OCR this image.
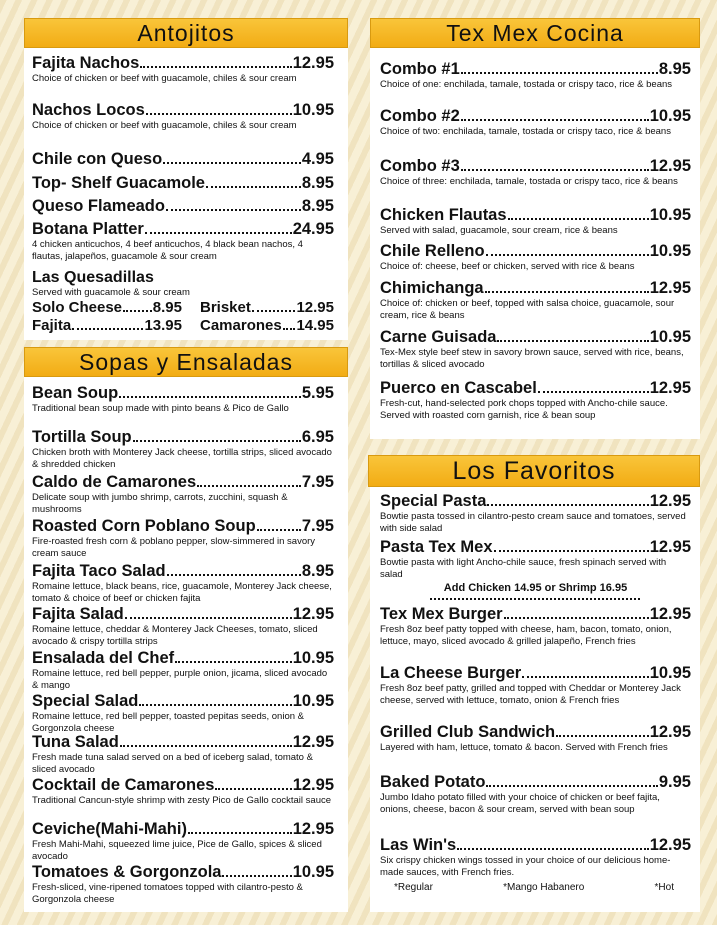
Antojitos
Fajita Nachos	12.95
Choice of chicken or beef with guacamole, chiles & sour cream
Nachos Locos	10.95
Choice of chicken or beef with guacamole, chiles & sour cream
Chile con Queso	4.95
Top- Shelf Guacamole	8.95
Queso Flameado	8.95
Botana Platter	24.95
4 chicken anticuchos, 4 beef anticuchos, 4 black bean nachos, 4 flautas, jalapeños, guacamole & sour cream
Las Quesadillas
Served with guacamole & sour cream
Solo Cheese 8.95 Brisket	12.95
Fajita	13.95 Camarones 14.95
Sopas y Ensaladas
Bean Soup	5.95
Traditional bean soup made with pinto beans & Pico de Gallo
Tortilla Soup	6.95
Chicken broth with Monterey Jack cheese, tortilla strips, sliced avocado & shredded chicken
Caldo de Camarones	7.95
Delicate soup with jumbo shrimp, carrots, zucchini, squash & mushrooms
Roasted Corn Poblano Soup	7.95
Fire-roasted fresh corn & poblano pepper, slow-simmered in savory cream sauce
Fajita Taco Salad	8.95
Romaine lettuce, black beans, rice, guacamole, Monterey Jack cheese, tomato & choice of beef or chicken fajita
Fajita Salad	12.95
Romaine lettuce, cheddar & Monterey Jack Cheeses, tomato, sliced avocado & crispy tortilla strips
Ensalada del Chef	10.95
Romaine lettuce, red bell pepper, purple onion, jicama, sliced avocado & mango
Special Salad	10.95
Romaine lettuce, red bell pepper, toasted pepitas seeds, onion & Gorgonzola cheese
Tuna Salad	12.95
Fresh made tuna salad served on a bed of iceberg salad, tomato & sliced avocado
Cocktail de Camarones	12.95
Traditional Cancun-style shrimp with zesty Pico de Gallo cocktail sauce
Ceviche(Mahi-Mahi)	12.95
Fresh Mahi-Mahi, squeezed lime juice, Pice de Gallo, spices & sliced avocado
Tomatoes & Gorgonzola	10.95
Fresh-sliced, vine-ripened tomatoes topped with cilantro-pesto & Gorgonzola cheese
Tex Mex Cocina
Combo #1	8.95
Choice of one: enchilada, tamale, tostada or crispy taco, rice & beans
Combo #2	10.95
Choice of two: enchilada, tamale, tostada or crispy taco, rice & beans
Combo #3	12.95
Choice of three: enchilada, tamale, tostada or crispy taco, rice & beans
Chicken Flautas	10.95
Served with salad, guacamole, sour cream, rice & beans
Chile Relleno	10.95
Choice of: cheese, beef or chicken, served with rice & beans
Chimichanga	12.95
Choice of: chicken or beef, topped with salsa choice, guacamole, sour cream, rice & beans
Carne Guisada	10.95
Tex-Mex style beef stew in savory brown sauce, served with rice, beans, tortillas & sliced avocado
Puerco en Cascabel	12.95
Fresh-cut, hand-selected pork chops topped with Ancho-chile sauce. Served with roasted corn garnish, rice & bean soup
Los Favoritos
Special Pasta	12.95
Bowtie pasta tossed in cilantro-pesto cream sauce and tomatoes, served with side salad
Pasta Tex Mex	12.95
Bowtie pasta with light Ancho-chile sauce, fresh spinach served with salad
Add Chicken 14.95 or Shrimp 16.95
Tex Mex Burger	12.95
Fresh 8oz beef patty topped with cheese, ham, bacon, tomato, onion, lettuce, mayo, sliced avocado & grilled jalapeño, French fries
La Cheese Burger	10.95
Fresh 8oz beef patty, grilled and topped with Cheddar or Monterey Jack cheese, served with lettuce, tomato, onion & French fries
Grilled Club Sandwich	12.95
Layered with ham, lettuce, tomato & bacon. Served with French fries
Baked Potato	9.95
Jumbo Idaho potato filled with your choice of chicken or beef fajita, onions, cheese, bacon & sour cream, served with bean soup
Las Win's	12.95
Six crispy chicken wings tossed in your choice of our delicious home-made sauces, with French fries.
*Regular	*Mango Habanero	*Hot
